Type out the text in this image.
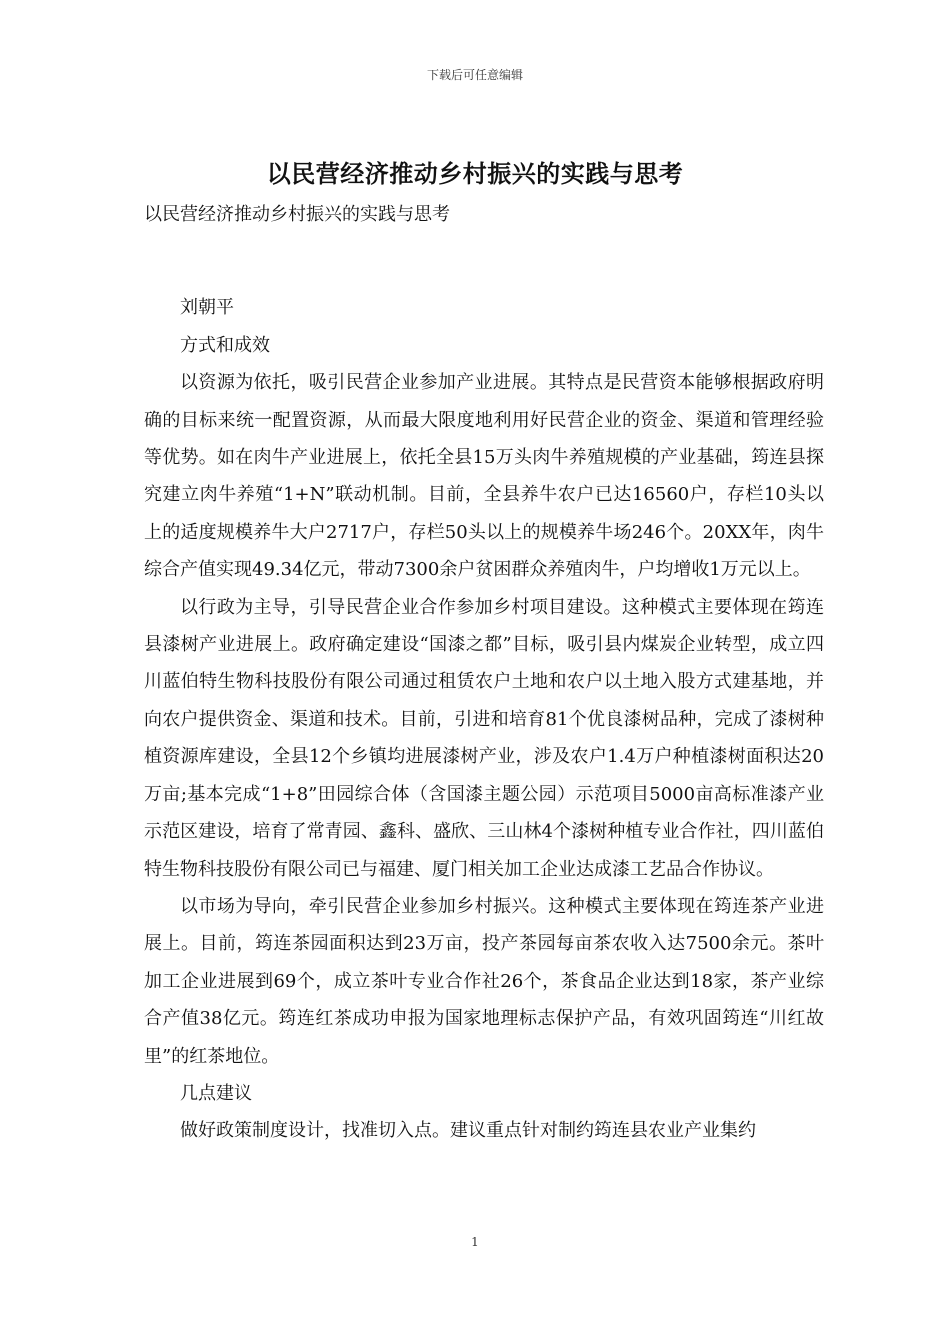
下载后可任意编辑
以民营经济推动乡村振兴的实践与思考

以民营经济推动乡村振兴的实践与思考

刘朝平

方式和成效

以资源为依托，吸引民营企业参加产业进展。其特点是民营资本能够根据政府明确的目标来统一配置资源，从而最大限度地利用好民营企业的资金、渠道和管理经验等优势。如在肉牛产业进展上，依托全县15万头肉牛养殖规模的产业基础，筠连县探究建立肉牛养殖“1+N”联动机制。目前，全县养牛农户已达16560户，存栏10头以上的适度规模养牛大户2717户，存栏50头以上的规模养牛场246个。20XX年，肉牛综合产值实现49.34亿元，带动7300余户贫困群众养殖肉牛，户均增收1万元以上。

以行政为主导，引导民营企业合作参加乡村项目建设。这种模式主要体现在筠连县漆树产业进展上。政府确定建设“国漆之都”目标，吸引县内煤炭企业转型，成立四川蓝伯特生物科技股份有限公司通过租赁农户土地和农户以土地入股方式建基地，并向农户提供资金、渠道和技术。目前，引进和培育81个优良漆树品种，完成了漆树种植资源库建设，全县12个乡镇均进展漆树产业，涉及农户1.4万户种植漆树面积达20万亩;基本完成“1+8”田园综合体（含国漆主题公园）示范项目5000亩高标准漆产业示范区建设，培育了常青园、鑫科、盛欣、三山林4个漆树种植专业合作社，四川蓝伯特生物科技股份有限公司已与福建、厦门相关加工企业达成漆工艺品合作协议。

以市场为导向，牵引民营企业参加乡村振兴。这种模式主要体现在筠连茶产业进展上。目前，筠连茶园面积达到23万亩，投产茶园每亩茶农收入达7500余元。茶叶加工企业进展到69个，成立茶叶专业合作社26个，茶食品企业达到18家，茶产业综合产值38亿元。筠连红茶成功申报为国家地理标志保护产品，有效巩固筠连“川红故里”的红茶地位。

几点建议

做好政策制度设计，找准切入点。建议重点针对制约筠连县农业产业集约

1
